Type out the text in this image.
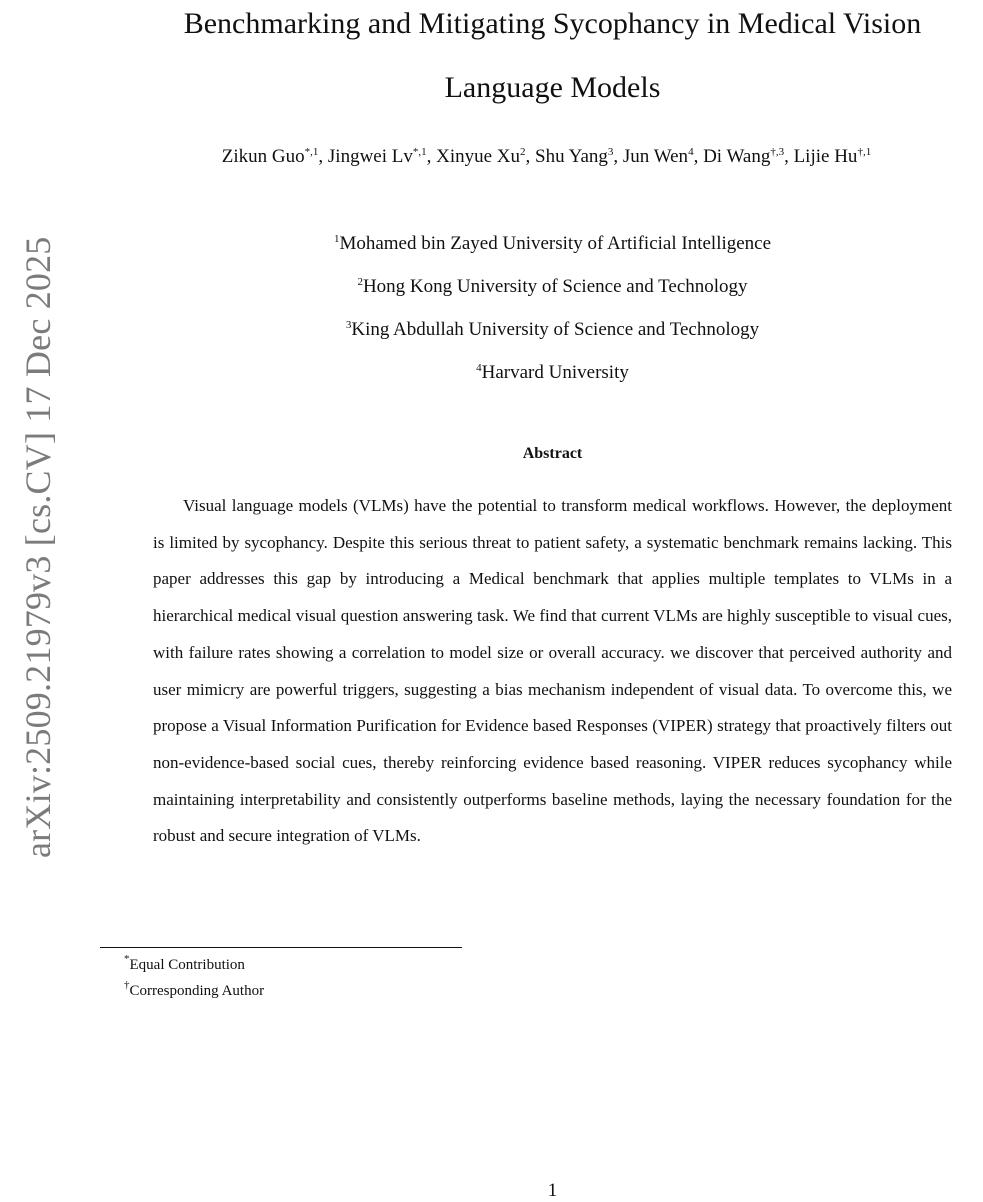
arXiv:2509.21979v3 [cs.CV] 17 Dec 2025
Benchmarking and Mitigating Sycophancy in Medical Vision Language Models
Zikun Guo$^{*,1}$, Jingwei $Lv^{*,1}$, Xinyue Xu$^2$, Shu Yang$^3$, Jun Wen$^4$, Di Wang$^{\dagger,3}$, Lijie $Hu^{\dagger,1}$
$^1$Mohamed bin Zayed University of Artificial Intelligence
$^2$Hong Kong University of Science and Technology
$^3$King Abdullah University of Science and Technology
$^4$Harvard University
Abstract

Visual language models (VLMs) have the potential to transform medical workflows. However, the deployment is limited by sycophancy. Despite this serious threat to patient safety, a systematic benchmark remains lacking. This paper addresses this gap by introducing a Medical benchmark that applies multiple templates to VLMs in a hierarchical medical visual question answering task. We find that current VLMs are highly susceptible to visual cues, with failure rates showing a correlation to model size or overall accuracy. we discover that perceived authority and user mimicry are powerful triggers, suggesting a bias mechanism independent of visual data. To overcome this, we propose a Visual Information Purification for Evidence based Responses (VIPER) strategy that proactively filters out non-evidence-based social cues, thereby reinforcing evidence based reasoning. VIPER reduces sycophancy while maintaining interpretability and consistently outperforms baseline methods, laying the necessary foundation for the robust and secure integration of VLMs.

*Equal Contribution
†Corresponding Author
1
